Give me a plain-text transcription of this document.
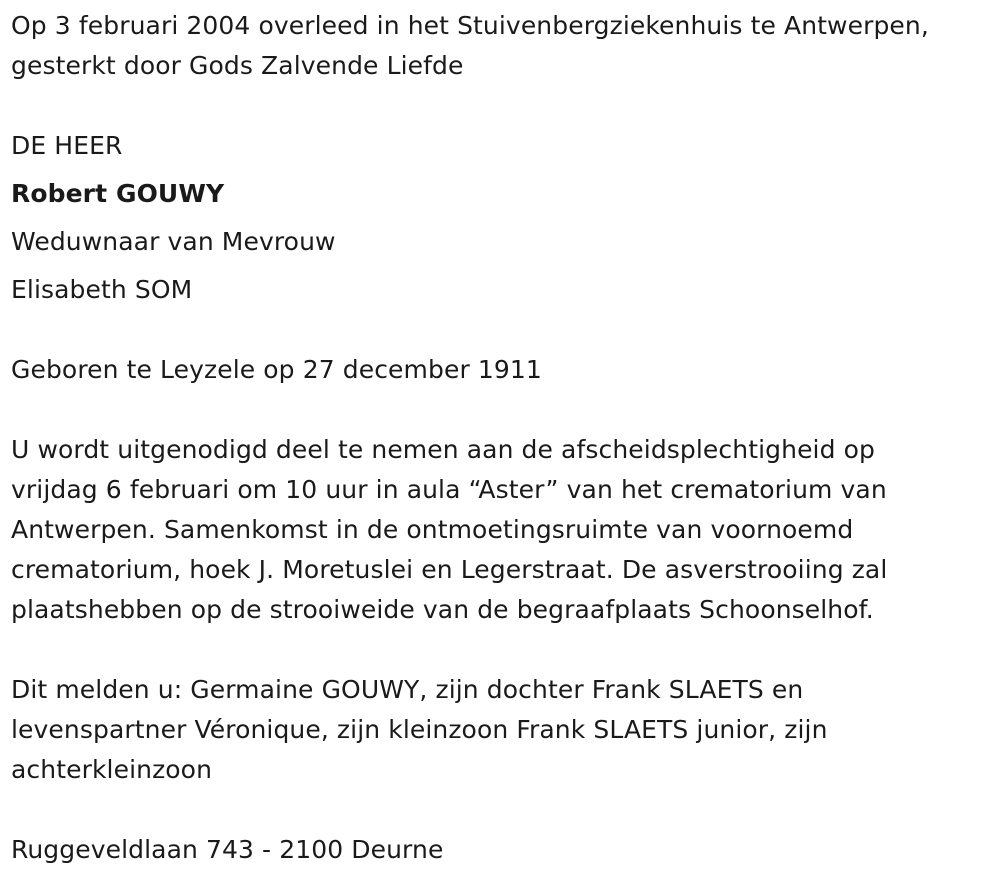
Op 3 februari 2004 overleed in het Stuivenbergziekenhuis te Antwerpen,
gesterkt door Gods Zalvende Liefde
DE HEER
Robert GOUWY
Weduwnaar van Mevrouw
Elisabeth SOM
Geboren te Leyzele op 27 december 1911
U wordt uitgenodigd deel te nemen aan de afscheidsplechtigheid op
vrijdag 6 februari om 10 uur in aula “Aster” van het crematorium van
Antwerpen. Samenkomst in de ontmoetingsruimte van voornoemd
crematorium, hoek J. Moretuslei en Legerstraat. De asverstrooiing zal
plaatshebben op de strooiweide van de begraafplaats Schoonselhof.
Dit melden u: Germaine GOUWY, zijn dochter Frank SLAETS en
levenspartner Véronique, zijn kleinzoon Frank SLAETS junior, zijn
achterkleinzoon
Ruggeveldlaan 743 - 2100 Deurne
